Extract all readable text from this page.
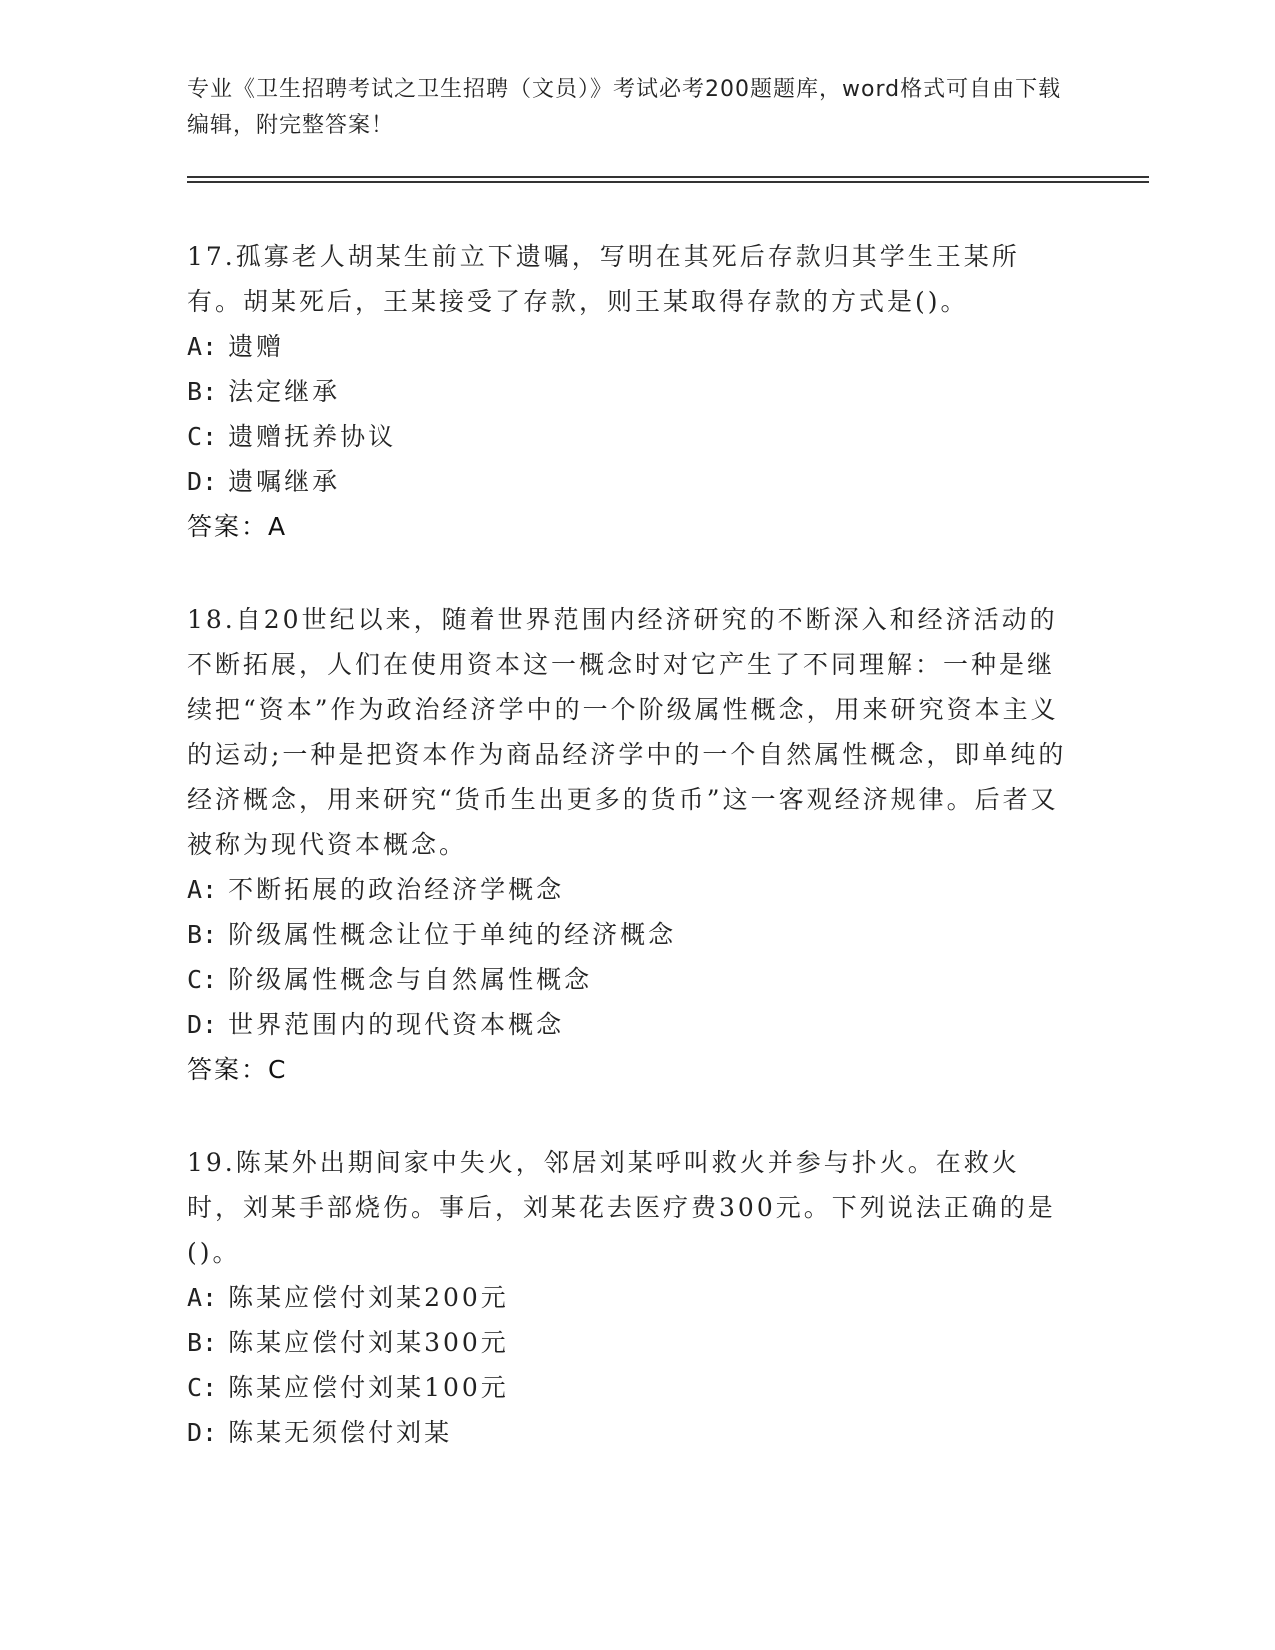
专业《卫生招聘考试之卫生招聘（文员）》考试必考200题题库，word格式可自由下载编辑，附完整答案！

17.孤寡老人胡某生前立下遗嘱，写明在其死后存款归其学生王某所有。胡某死后，王某接受了存款，则王某取得存款的方式是()。

A: 遗赠
B: 法定继承
C: 遗赠抚养协议
D: 遗嘱继承
答案：A

18.自20世纪以来，随着世界范围内经济研究的不断深入和经济活动的不断拓展，人们在使用资本这一概念时对它产生了不同理解：一种是继续把“资本”作为政治经济学中的一个阶级属性概念，用来研究资本主义的运动;一种是把资本作为商品经济学中的一个自然属性概念，即单纯的经济概念，用来研究“货币生出更多的货币”这一客观经济规律。后者又被称为现代资本概念。

A: 不断拓展的政治经济学概念
B: 阶级属性概念让位于单纯的经济概念
C: 阶级属性概念与自然属性概念
D: 世界范围内的现代资本概念
答案：C

19.陈某外出期间家中失火，邻居刘某呼叫救火并参与扑火。在救火时，刘某手部烧伤。事后，刘某花去医疗费300元。下列说法正确的是()。

A: 陈某应偿付刘某200元
B: 陈某应偿付刘某300元
C: 陈某应偿付刘某100元
D: 陈某无须偿付刘某
